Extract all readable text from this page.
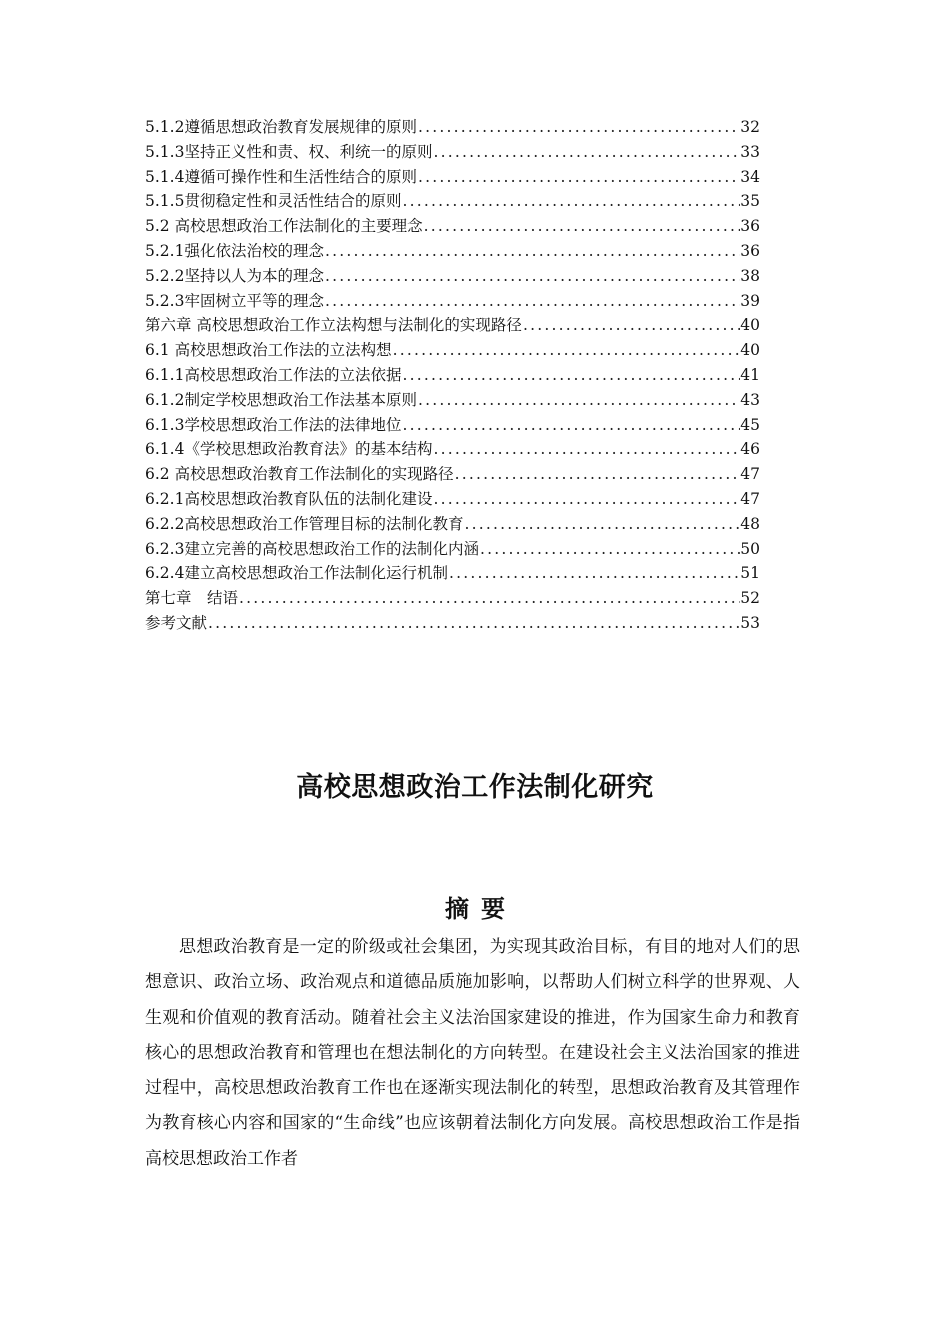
5.1.2遵循思想政治教育发展规律的原则 .....	32
5.1.3坚持正义性和责、权、利统一的原则 .....	33
5.1.4遵循可操作性和生活性结合的原则 .....	34
5.1.5贯彻稳定性和灵活性结合的原则 .....	35
5.2 高校思想政治工作法制化的主要理念 .....	36
5.2.1强化依法治校的理念 .....	36
5.2.2坚持以人为本的理念 .....	38
5.2.3牢固树立平等的理念 .....	39
第六章 高校思想政治工作立法构想与法制化的实现路径 .....	40
6.1 高校思想政治工作法的立法构想 .....	40
6.1.1高校思想政治工作法的立法依据 .....	41
6.1.2制定学校思想政治工作法基本原则 .....	43
6.1.3学校思想政治工作法的法律地位 .....	45
6.1.4《学校思想政治教育法》的基本结构 .....	46
6.2 高校思想政治教育工作法制化的实现路径 .....	47
6.2.1高校思想政治教育队伍的法制化建设 .....	47
6.2.2高校思想政治工作管理目标的法制化教育 .....	48
6.2.3建立完善的高校思想政治工作的法制化内涵 .....	50
6.2.4建立高校思想政治工作法制化运行机制 .....	51
第七章　结语 .....	52
参考文献 .....	53
高校思想政治工作法制化研究
摘要

思想政治教育是一定的阶级或社会集团，为实现其政治目标，有目的地对人们的思想意识、政治立场、政治观点和道德品质施加影响，以帮助人们树立科学的世界观、人生观和价值观的教育活动。随着社会主义法治国家建设的推进，作为国家生命力和教育核心的思想政治教育和管理也在想法制化的方向转型。在建设社会主义法治国家的推进过程中，高校思想政治教育工作也在逐渐实现法制化的转型，思想政治教育及其管理作为教育核心内容和国家的“生命线”也应该朝着法制化方向发展。高校思想政治工作是指高校思想政治工作者
